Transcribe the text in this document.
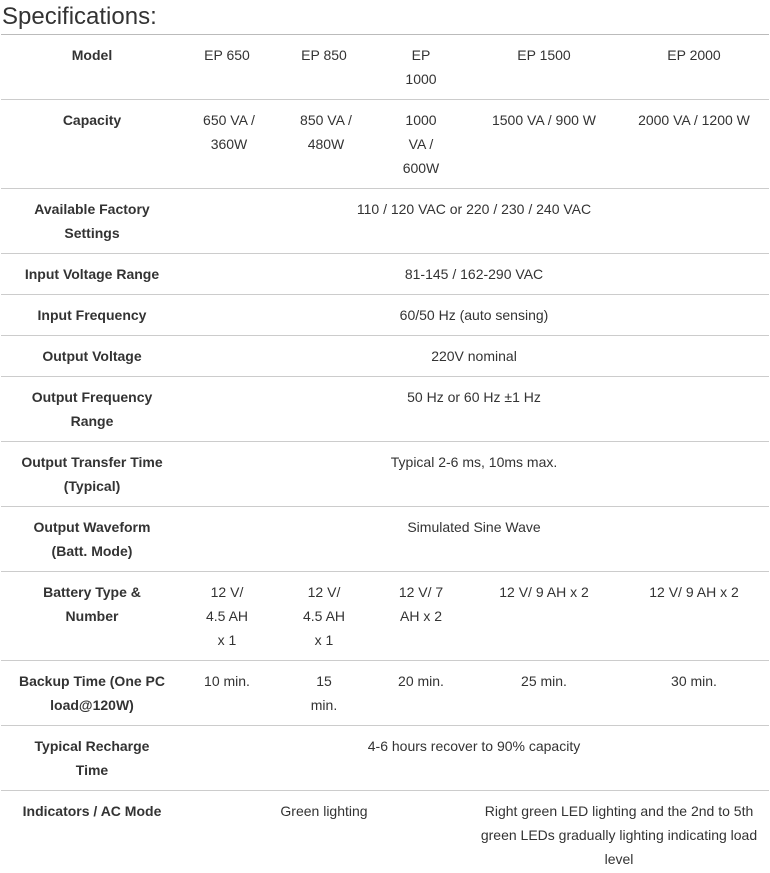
Specifications:
Model	EP 650	EP 850	EP 1000	EP 1500	EP 2000
Capacity	650 VA / 360W	850 VA / 480W	1000 VA / 600W	1500 VA / 900 W	2000 VA / 1200 W
Available Factory Settings	110 / 120 VAC or 220 / 230 / 240 VAC				
Input Voltage Range	81-145 / 162-290 VAC				
Input Frequency	60/50 Hz (auto sensing)				
Output Voltage	220V nominal				
Output Frequency Range	50 Hz or 60 Hz ±1 Hz				
Output Transfer Time (Typical)	Typical 2-6 ms, 10ms max.				
Output Waveform (Batt. Mode)	Simulated Sine Wave				
Battery Type & Number	12 V/ 4.5 AH x 1	12 V/ 4.5 AH x 1	12 V/ 7 AH x 2	12 V/ 9 AH x 2	12 V/ 9 AH x 2
Backup Time (One PC load@120W)	10 min.	15 min.	20 min.	25 min.	30 min.
Typical Recharge Time	4-6 hours recover to 90% capacity				
Indicators / AC Mode	Green lighting			Right green LED lighting and the 2nd to 5th green LEDs gradually lighting indicating load level	
